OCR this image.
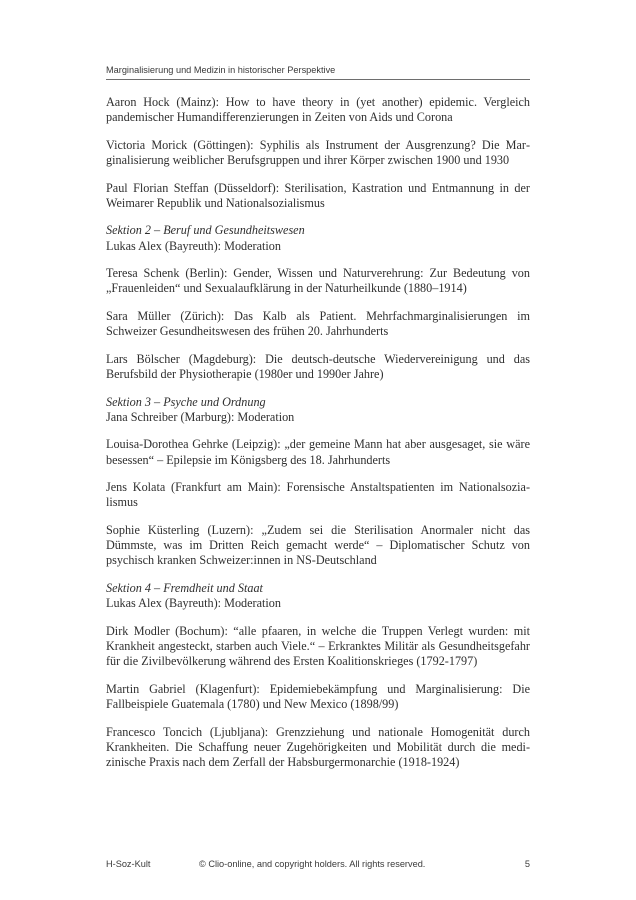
Marginalisierung und Medizin in historischer Perspektive

Aaron Hock (Mainz): How to have theory in (yet another) epidemic. Vergleich pandemischer Humandifferenzierungen in Zeiten von Aids und Corona

Victoria Morick (Göttingen): Syphilis als Instrument der Ausgrenzung? Die Marginalisierung weiblicher Berufsgruppen und ihrer Körper zwischen 1900 und 1930

Paul Florian Steffan (Düsseldorf): Sterilisation, Kastration und Entmannung in der Weimarer Republik und Nationalsozialismus

Sektion 2 – Beruf und Gesundheitswesen
Lukas Alex (Bayreuth): Moderation

Teresa Schenk (Berlin): Gender, Wissen und Naturverehrung: Zur Bedeutung von „Frauenleiden“ und Sexualaufklärung in der Naturheilkunde (1880–1914)

Sara Müller (Zürich): Das Kalb als Patient. Mehrfachmarginalisierungen im Schweizer Gesundheitswesen des frühen 20. Jahrhunderts

Lars Bölscher (Magdeburg): Die deutsch-deutsche Wiedervereinigung und das Berufsbild der Physiotherapie (1980er und 1990er Jahre)

Sektion 3 – Psyche und Ordnung
Jana Schreiber (Marburg): Moderation

Louisa-Dorothea Gehrke (Leipzig): „der gemeine Mann hat aber ausgesaget, sie wäre besessen“ – Epilepsie im Königsberg des 18. Jahrhunderts

Jens Kolata (Frankfurt am Main): Forensische Anstaltspatienten im Nationalsozialismus

Sophie Küsterling (Luzern): „Zudem sei die Sterilisation Anormaler nicht das Dümmste, was im Dritten Reich gemacht werde“ – Diplomatischer Schutz von psychisch kranken Schweizer:innen in NS-Deutschland

Sektion 4 – Fremdheit und Staat
Lukas Alex (Bayreuth): Moderation

Dirk Modler (Bochum): “alle pfaaren, in welche die Truppen Verlegt wurden: mit Krankheit angesteckt, starben auch Viele.“ – Erkranktes Militär als Gesundheitsgefahr für die Zivilbevölkerung während des Ersten Koalitionskrieges (1792-1797)

Martin Gabriel (Klagenfurt): Epidemiebekämpfung und Marginalisierung: Die Fallbeispiele Guatemala (1780) und New Mexico (1898/99)

Francesco Toncich (Ljubljana): Grenzziehung und nationale Homogenität durch Krankheiten. Die Schaffung neuer Zugehörigkeiten und Mobilität durch die medizinische Praxis nach dem Zerfall der Habsburgermonarchie (1918-1924)

H-Soz-Kult	© Clio-online, and copyright holders. All rights reserved.	5
